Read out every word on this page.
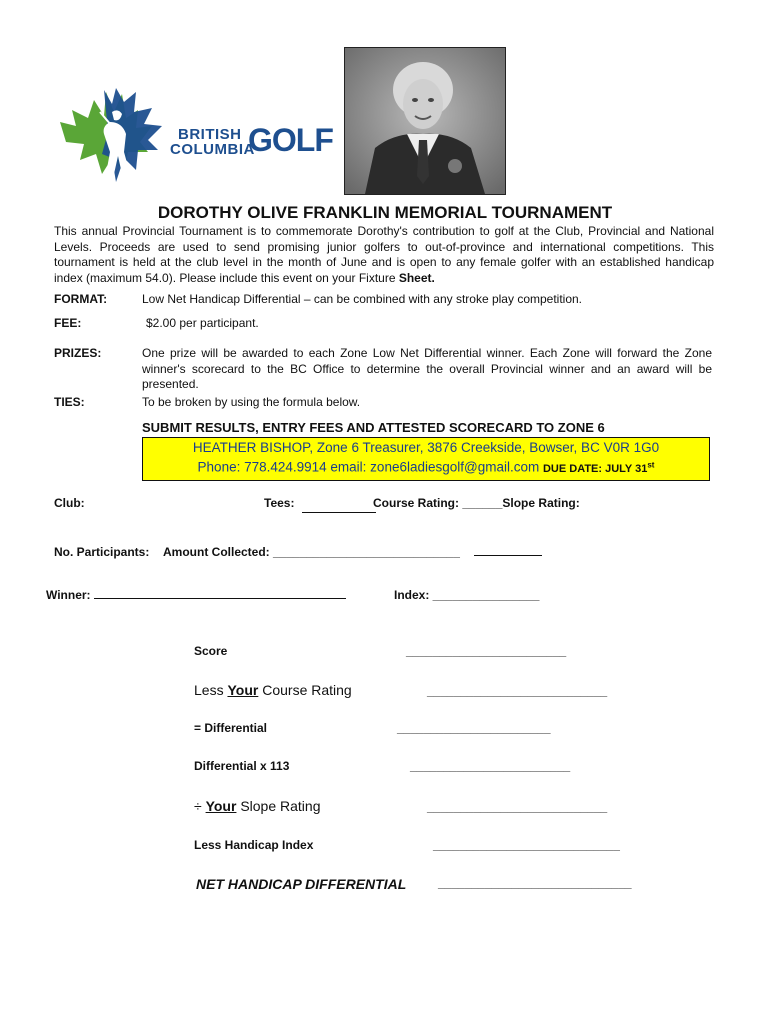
BRITISH
COLUMBIA
GOLF
DOROTHY OLIVE FRANKLIN MEMORIAL TOURNAMENT
This annual Provincial Tournament is to commemorate Dorothy's contribution to golf at the Club, Provincial and National Levels. Proceeds are used to send promising junior golfers to out-of-province and international competitions. This tournament is held at the club level in the month of June and is open to any female golfer with an established handicap index (maximum 54.0). Please include this event on your Fixture Sheet.
FORMAT:	Low Net Handicap Differential – can be combined with any stroke play competition.
FEE:	$2.00 per participant.
PRIZES:	One prize will be awarded to each Zone Low Net Differential winner. Each Zone will forward the Zone winner's scorecard to the BC Office to determine the overall Provincial winner and an award will be presented.
TIES:	To be broken by using the formula below.
SUBMIT RESULTS, ENTRY FEES AND ATTESTED SCORECARD TO ZONE 6
HEATHER BISHOP, Zone 6 Treasurer, 3876 Creekside, Bowser, BC V0R 1G0
Phone: 778.424.9914 email: zone6ladiesgolf@gmail.com DUE DATE: JULY 31st
Club:	Tees:	Course Rating: ______Slope Rating:
No. Participants: Amount Collected: ____________________________
Winner:	Index: ________________
Score	________________________
Less Your Course Rating	___________________________
= Differential	_______________________
Differential x 113	________________________
÷ Your Slope Rating	___________________________
Less Handicap Index	____________________________
NET HANDICAP DIFFERENTIAL	_____________________________
